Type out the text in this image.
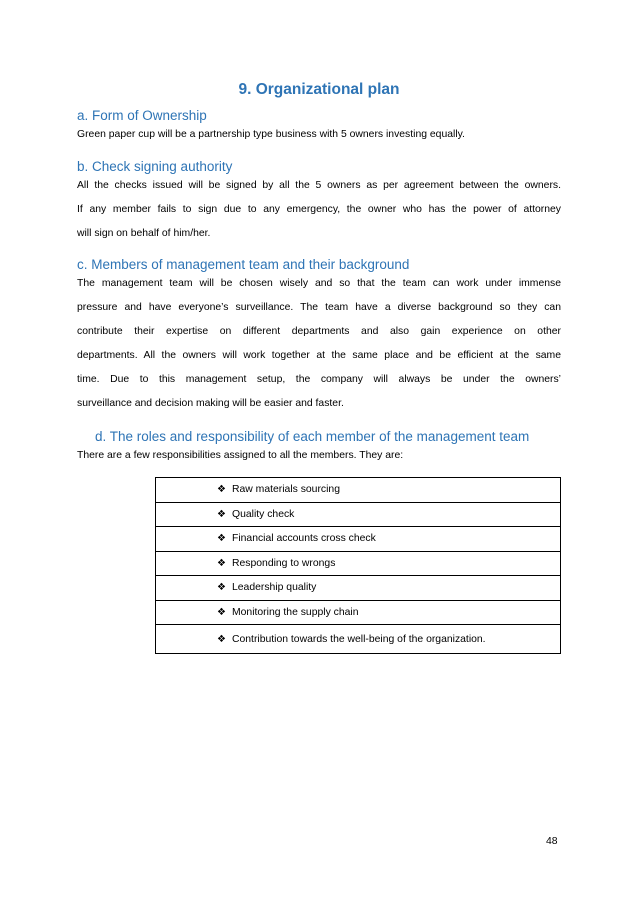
9. Organizational plan
a. Form of Ownership
Green paper cup will be a partnership type business with 5 owners investing equally.
b. Check signing authority
All the checks issued will be signed by all the 5 owners as per agreement between the owners.
If any member fails to sign due to any emergency, the owner who has the power of attorney
will sign on behalf of him/her.
c. Members of management team and their background
The management team will be chosen wisely and so that the team can work under immense
pressure and have everyone’s surveillance. The team have a diverse background so they can
contribute their expertise on different departments and also gain experience on other
departments. All the owners will work together at the same place and be efficient at the same
time. Due to this management setup, the company will always be under the owners’
surveillance and decision making will be easier and faster.
d. The roles and responsibility of each member of the management team
There are a few responsibilities assigned to all the members. They are:
❖ Raw materials sourcing
❖ Quality check
❖ Financial accounts cross check
❖ Responding to wrongs
❖ Leadership quality
❖ Monitoring the supply chain
❖ Contribution towards the well-being of the organization.
48
